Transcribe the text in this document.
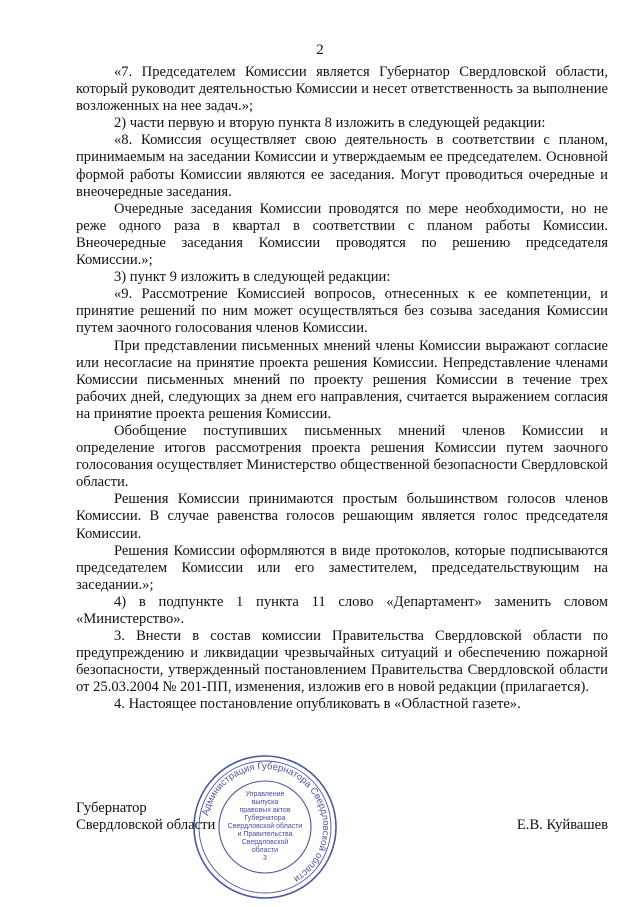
2

«7. Председателем Комиссии является Губернатор Свердловской области, который руководит деятельностью Комиссии и несет ответственность за выполнение возложенных на нее задач.»;

2) части первую и вторую пункта 8 изложить в следующей редакции:

«8. Комиссия осуществляет свою деятельность в соответствии с планом, принимаемым на заседании Комиссии и утверждаемым ее председателем. Основной формой работы Комиссии являются ее заседания. Могут проводиться очередные и внеочередные заседания.

Очередные заседания Комиссии проводятся по мере необходимости, но не реже одного раза в квартал в соответствии с планом работы Комиссии. Внеочередные заседания Комиссии проводятся по решению председателя Комиссии.»;

3) пункт 9 изложить в следующей редакции:

«9. Рассмотрение Комиссией вопросов, отнесенных к ее компетенции, и принятие решений по ним может осуществляться без созыва заседания Комиссии путем заочного голосования членов Комиссии.

При представлении письменных мнений члены Комиссии выражают согласие или несогласие на принятие проекта решения Комиссии. Непредставление членами Комиссии письменных мнений по проекту решения Комиссии в течение трех рабочих дней, следующих за днем его направления, считается выражением согласия на принятие проекта решения Комиссии.

Обобщение поступивших письменных мнений членов Комиссии и определение итогов рассмотрения проекта решения Комиссии путем заочного голосования осуществляет Министерство общественной безопасности Свердловской области.

Решения Комиссии принимаются простым большинством голосов членов Комиссии. В случае равенства голосов решающим является голос председателя Комиссии.

Решения Комиссии оформляются в виде протоколов, которые подписываются председателем Комиссии или его заместителем, председательствующим на заседании.»;

4) в подпункте 1 пункта 11 слово «Департамент» заменить словом «Министерство».

3. Внести в состав комиссии Правительства Свердловской области по предупреждению и ликвидации чрезвычайных ситуаций и обеспечению пожарной безопасности, утвержденный постановлением Правительства Свердловской области от 25.03.2004 № 201-ПП, изменения, изложив его в новой редакции (прилагается).

4. Настоящее постановление опубликовать в «Областной газете».

Губернатор
Свердловской области	Е.В. Куйвашев
Администрация Губернатора Свердловской области
Управление
выпуска
правовых актов
Губернатора
Свердловской области
и Правительства
Свердловской
области
3
